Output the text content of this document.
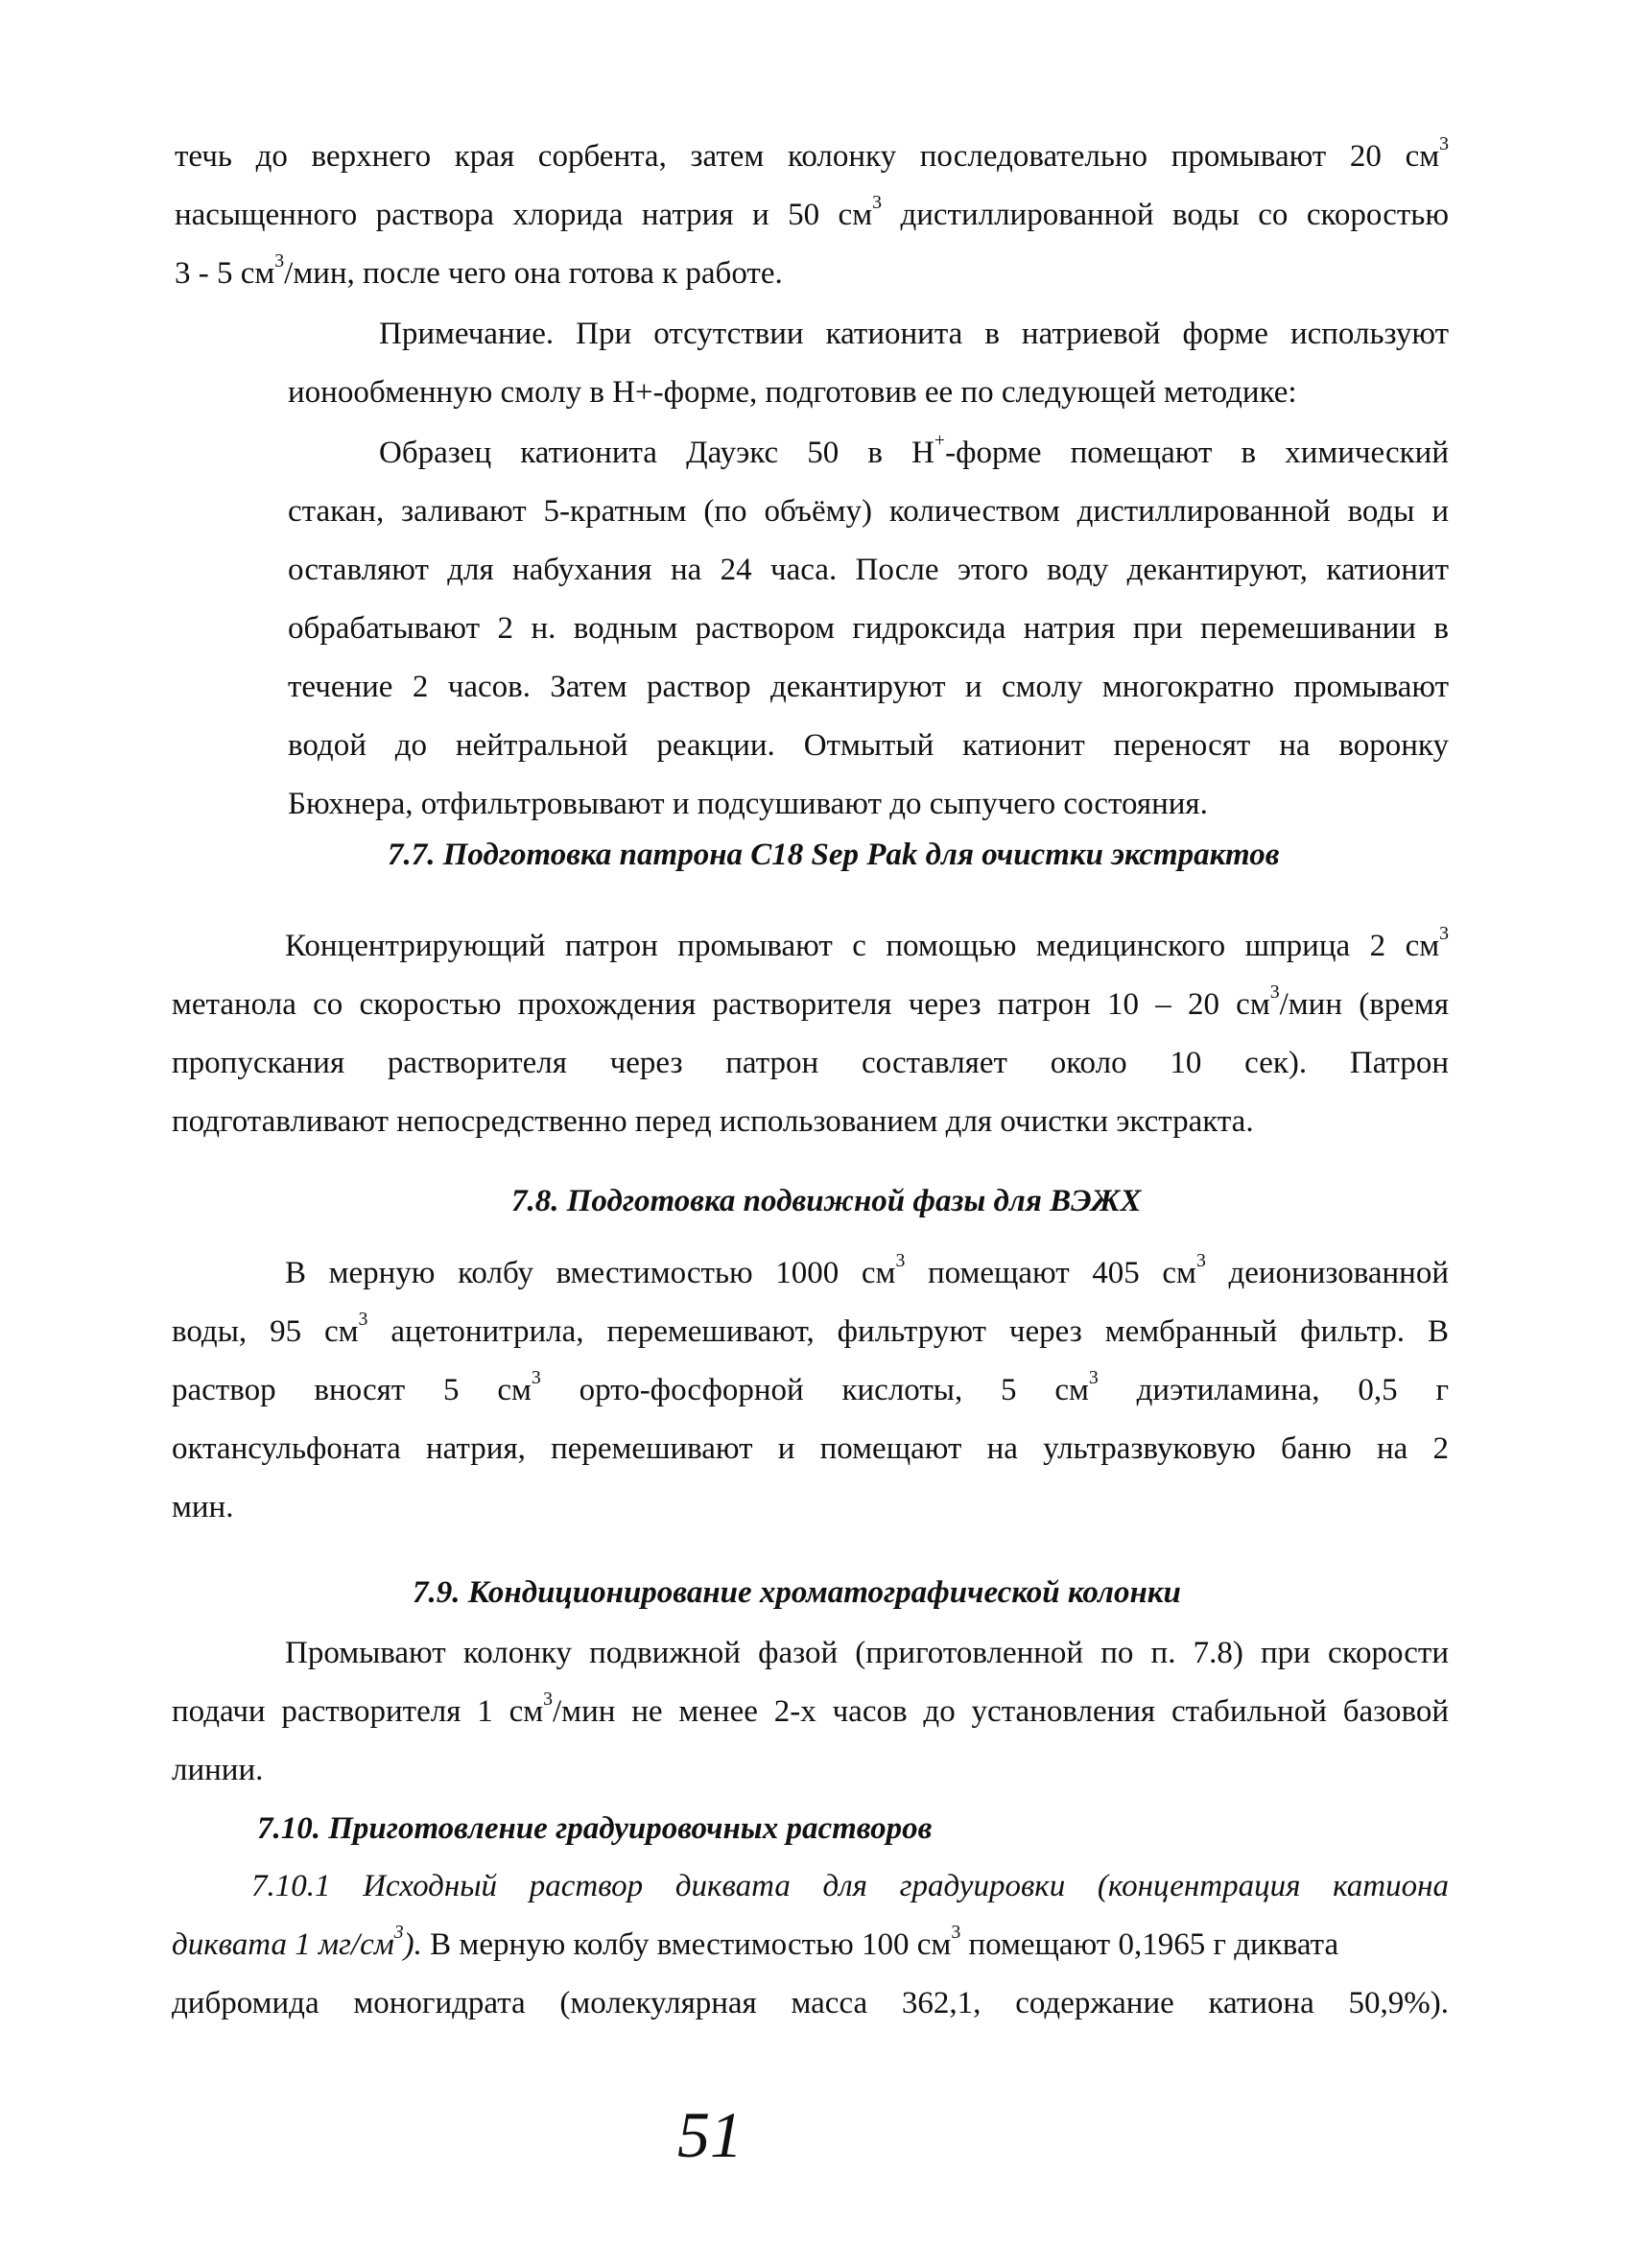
течь до верхнего края сорбента, затем колонку последовательно промывают 20 $см^3$
насыщенного раствора хлорида натрия и 50 $см^3$ дистиллированной воды со скоростью
3 - 5 $см^3$/мин, после чего она готова к работе.
Примечание. При отсутствии катионита в натриевой форме используют
ионообменную смолу в Н+-форме, подготовив ее по следующей методике:
Образец катионита Дауэкс 50 в Н+-форме помещают в химический
стакан, заливают 5-кратным (по объёму) количеством дистиллированной воды и
оставляют для набухания на 24 часа. После этого воду декантируют, катионит
обрабатывают 2 н. водным раствором гидроксида натрия при перемешивании в
течение 2 часов. Затем раствор декантируют и смолу многократно промывают
водой до нейтральной реакции. Отмытый катионит переносят на воронку
Бюхнера, отфильтровывают и подсушивают до сыпучего состояния.
7.7. Подготовка патрона С18 Sep Pak для очистки экстрактов
Концентрирующий патрон промывают с помощью медицинского шприца 2 $см^3$
метанола со скоростью прохождения растворителя через патрон 10 – 20 $см^3$/мин (время
пропускания растворителя через патрон составляет около 10 сек). Патрон
подготавливают непосредственно перед использованием для очистки экстракта.
7.8. Подготовка подвижной фазы для ВЭЖХ
В мерную колбу вместимостью 1000 $см^3$ помещают 405 $см^3$ деионизованной
воды, 95 $см^3$ ацетонитрила, перемешивают, фильтруют через мембранный фильтр. В
раствор вносят 5 $см^3$ орто-фосфорной кислоты, 5 $см^3$ диэтиламина, 0,5 г
октансульфоната натрия, перемешивают и помещают на ультразвуковую баню на 2
мин.
7.9. Кондиционирование хроматографической колонки
Промывают колонку подвижной фазой (приготовленной по п. 7.8) при скорости
подачи растворителя 1 $см^3$/мин не менее 2-х часов до установления стабильной базовой
линии.
7.10. Приготовление градуировочных растворов
7.10.1 Исходный раствор диквата для градуировки (концентрация катиона
диквата 1 $мг/см^3$). В мерную колбу вместимостью 100 $см^3$ помещают 0,1965 г диквата
дибромида моногидрата (молекулярная масса 362,1, содержание катиона 50,9%).
51
